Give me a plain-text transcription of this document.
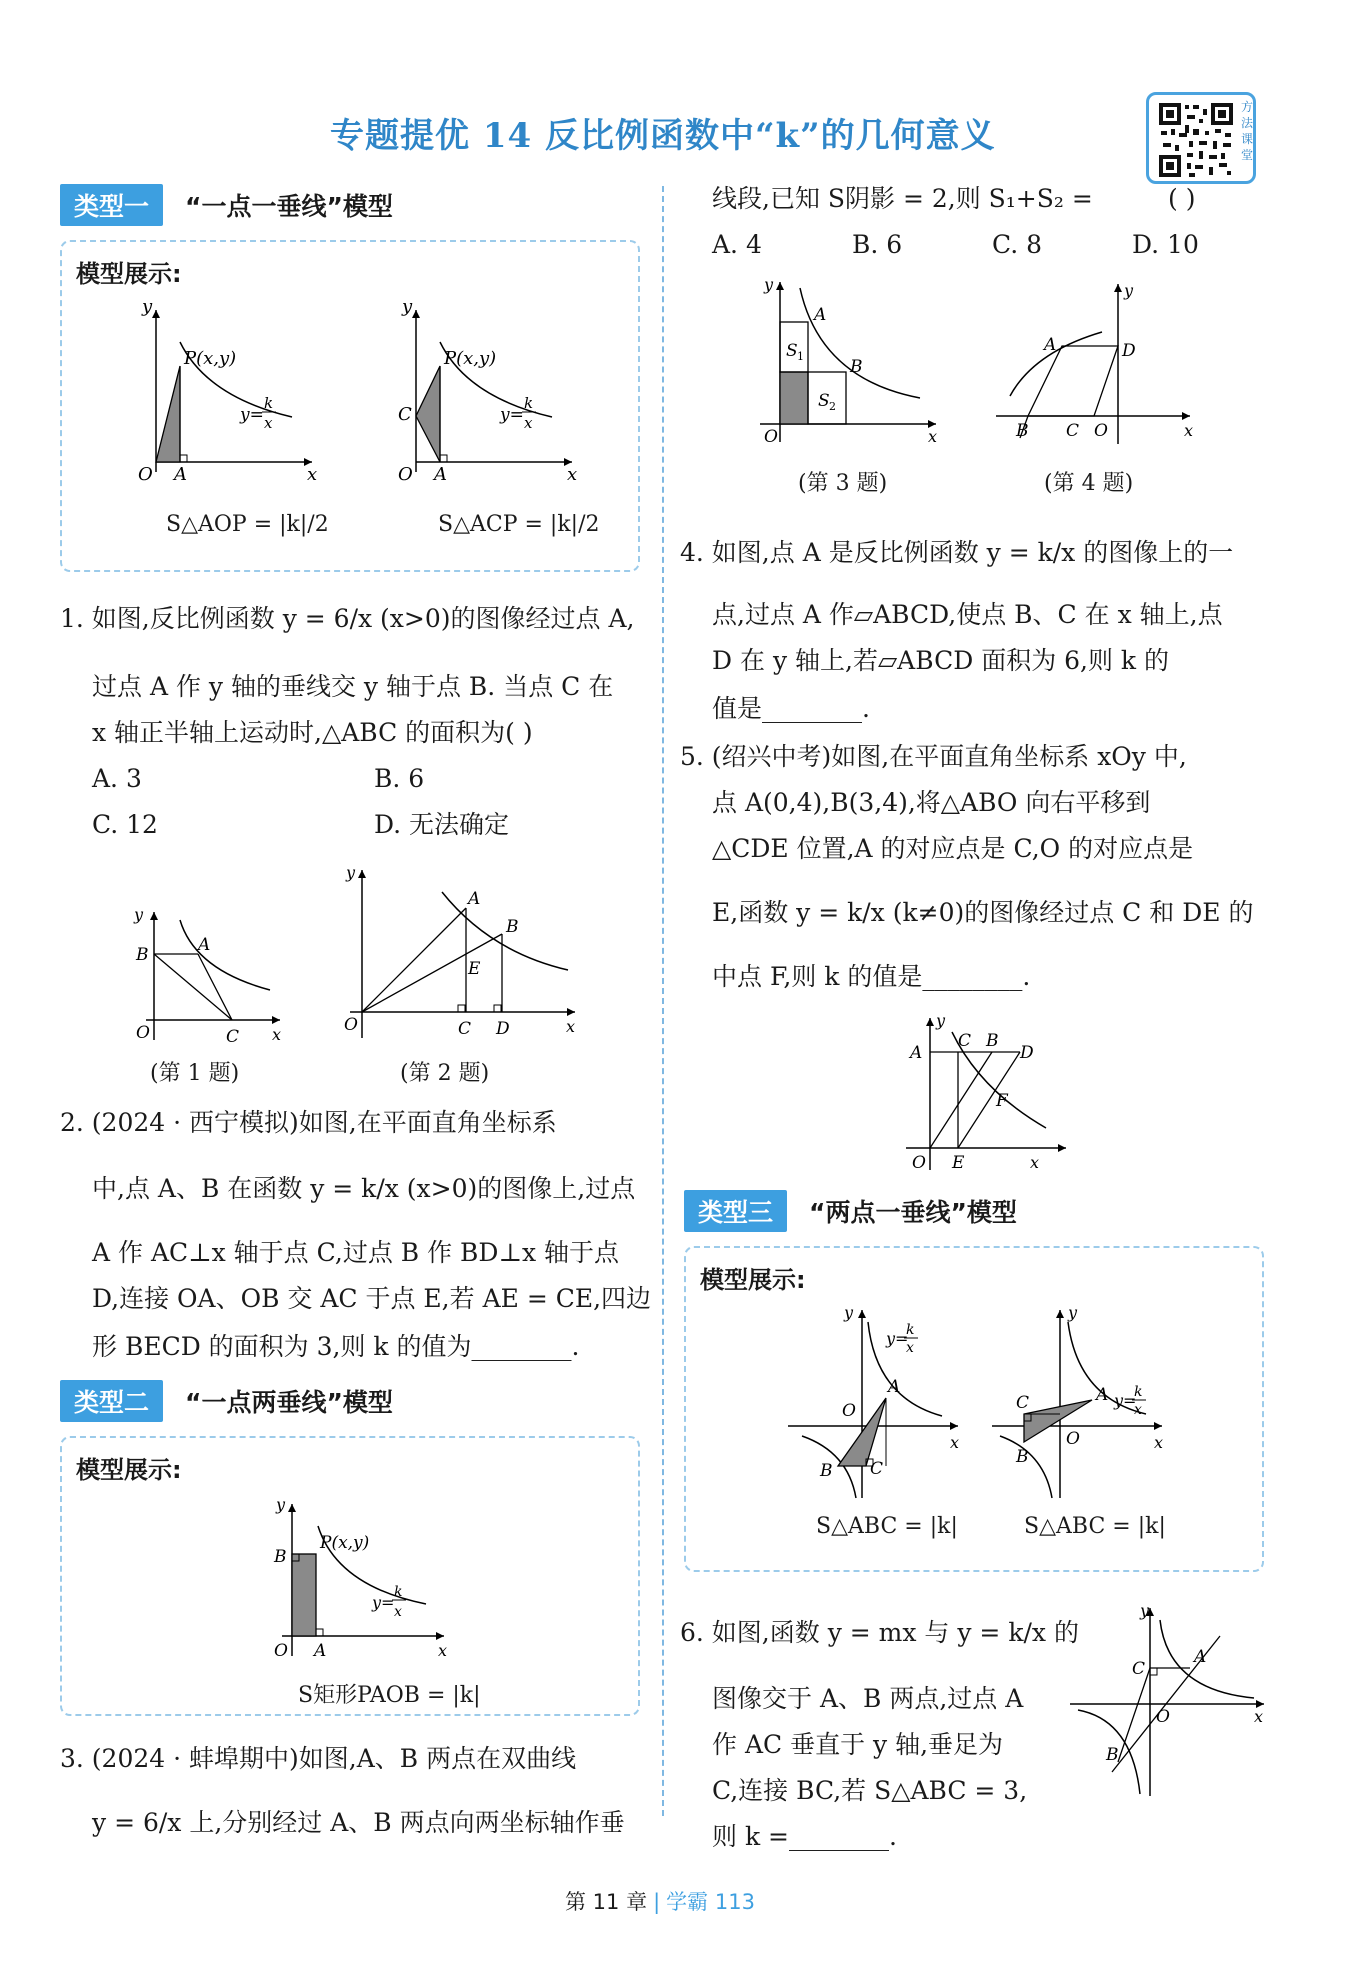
专题提优 14 反比例函数中“k”的几何意义
方法课堂
类型一	“一点一垂线”模型
模型展示:
y
x
O A
P(x,y)
y=
k
x
y
x
O A
C
P(x,y)
y=
k
x
S△AOP = |k|/2	S△ACP = |k|/2
1. 如图,反比例函数 y = 6/x (x>0)的图像经过点 A,
过点 A 作 y 轴的垂线交 y 轴于点 B. 当点 C 在
x 轴正半轴上运动时,△ABC 的面积为( )
A. 3	B. 6
C. 12	D. 无法确定
y
x
B	A
O	C
(第 1 题)
y
x
A
B
E
O	C D
(第 2 题)
2. (2024 · 西宁模拟)如图,在平面直角坐标系
中,点 A、B 在函数 y = k/x (x>0)的图像上,过点
A 作 AC⊥x 轴于点 C,过点 B 作 BD⊥x 轴于点
D,连接 OA、OB 交 AC 于点 E,若 AE = CE,四边
形 BECD 的面积为 3,则 k 的值为________.
类型二	“一点两垂线”模型
模型展示:
y
x
B
P(x,y)
O A
y=
k
x
S矩形PAOB = |k|
3. (2024 · 蚌埠期中)如图,A、B 两点在双曲线
y = 6/x 上,分别经过 A、B 两点向两坐标轴作垂
线段,已知 S阴影 = 2,则 S₁+S₂ =	( )
A. 4	B. 6	C. 8	D. 10
y
x
A
B
S 1
S 2
O
(第 3 题)
y
x
A	D
B C O
(第 4 题)
4. 如图,点 A 是反比例函数 y = k/x 的图像上的一
点,过点 A 作▱ABCD,使点 B、C 在 x 轴上,点
D 在 y 轴上,若▱ABCD 面积为 6,则 k 的
值是________.
5. (绍兴中考)如图,在平面直角坐标系 xOy 中,
点 A(0,4),B(3,4),将△ABO 向右平移到
△CDE 位置,A 的对应点是 C,O 的对应点是
E,函数 y = k/x (k≠0)的图像经过点 C 和 DE 的
中点 F,则 k 的值是________.
y
A
C B
D
F
O E	x
类型三	“两点一垂线”模型
模型展示:
y
x
y=
k
x
A
O
B C
y
x
A y=
k
x
C
O
B
S△ABC = |k|	S△ABC = |k|
6. 如图,函数 y = mx 与 y = k/x 的
图像交于 A、B 两点,过点 A
作 AC 垂直于 y 轴,垂足为
C,连接 BC,若 S△ABC = 3,
则 k =________.
y
x
A
C
O
B
第 11 章 | 学霸 113
